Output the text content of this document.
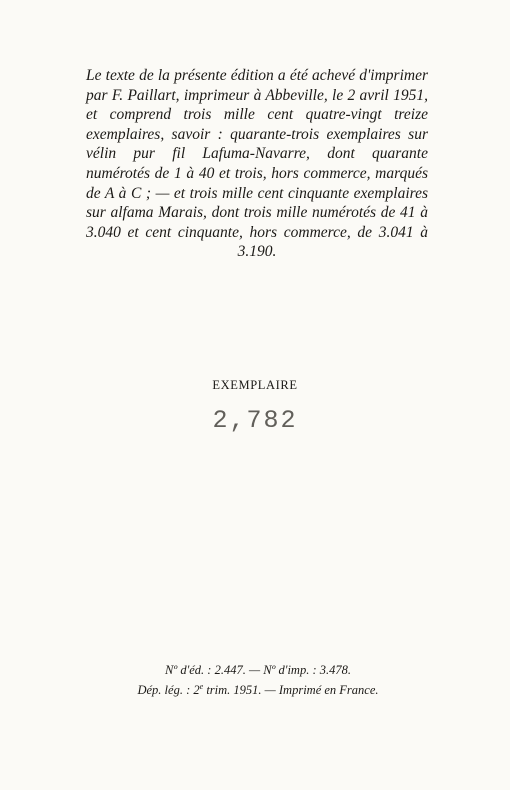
Le texte de la présente édition a été achevé d'imprimer par F. Paillart, imprimeur à Abbeville, le 2 avril 1951, et comprend trois mille cent quatre-vingt treize exemplaires, savoir : quarante-trois exemplaires sur vélin pur fil Lafuma-Navarre, dont quarante numérotés de 1 à 40 et trois, hors commerce, marqués de A à C ; — et trois mille cent cinquante exemplaires sur alfama Marais, dont trois mille numérotés de 41 à 3.040 et cent cinquante, hors commerce, de 3.041 à 3.190.

EXEMPLAIRE
2,782
Nº d'éd. : 2.447. — Nº d'imp. : 3.478.
Dép. lég. : 2e trim. 1951. — Imprimé en France.
